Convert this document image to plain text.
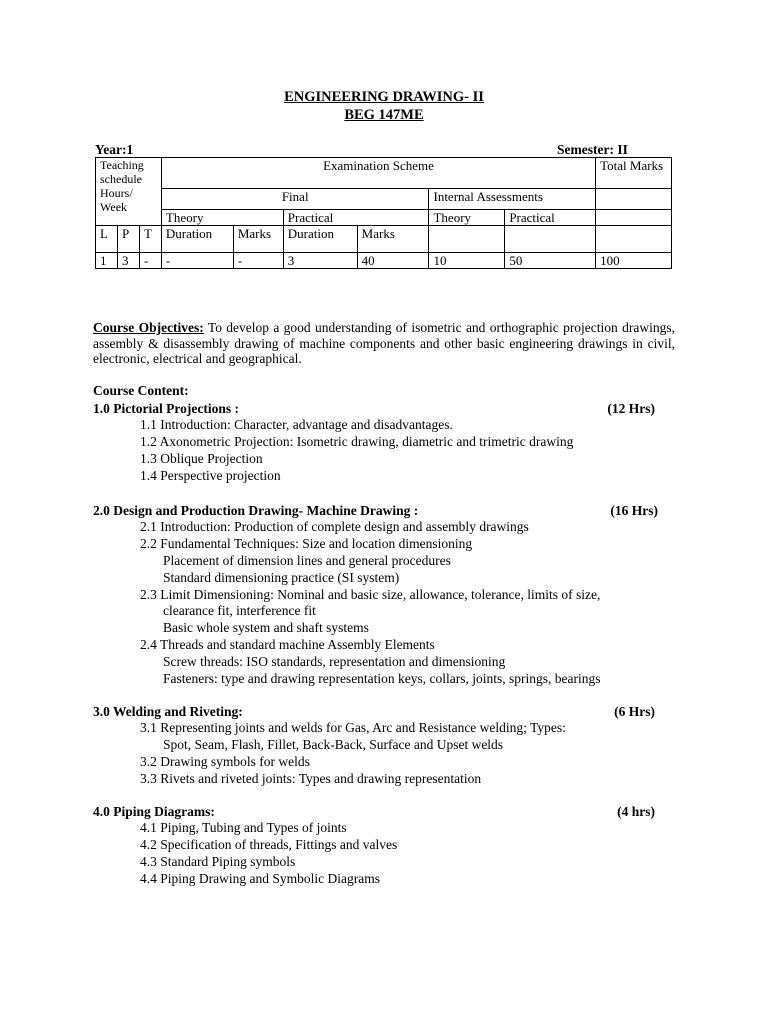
ENGINEERING DRAWING- II
BEG 147ME
Year:1	Semester: II
Teaching schedule Hours/ Week			Examination Scheme						Total Marks
			Final				Internal Assessments		
			Theory		Practical		Theory	Practical	
L	P	T	Duration	Marks	Duration	Marks			
1	3	-	-	-	3	40	10	50	100
Course Objectives: To develop a good understanding of isometric and orthographic projection drawings, assembly & disassembly drawing of machine components and other basic engineering drawings in civil, electronic, electrical and geographical.
Course Content:
1.0 Pictorial Projections :	(12 Hrs)
1.1 Introduction: Character, advantage and disadvantages.
1.2 Axonometric Projection: Isometric drawing, diametric and trimetric drawing
1.3 Oblique Projection
1.4 Perspective projection
2.0 Design and Production Drawing- Machine Drawing :	(16 Hrs)
2.1 Introduction: Production of complete design and assembly drawings
2.2 Fundamental Techniques: Size and location dimensioning
Placement of dimension lines and general procedures
Standard dimensioning practice (SI system)
2.3 Limit Dimensioning: Nominal and basic size, allowance, tolerance, limits of size,
clearance fit, interference fit
Basic whole system and shaft systems
2.4 Threads and standard machine Assembly Elements
Screw threads: ISO standards, representation and dimensioning
Fasteners: type and drawing representation keys, collars, joints, springs, bearings
3.0 Welding and Riveting:	(6 Hrs)
3.1 Representing joints and welds for Gas, Arc and Resistance welding; Types:
Spot, Seam, Flash, Fillet, Back-Back, Surface and Upset welds
3.2 Drawing symbols for welds
3.3 Rivets and riveted joints: Types and drawing representation
4.0 Piping Diagrams:	(4 hrs)
4.1 Piping, Tubing and Types of joints
4.2 Specification of threads, Fittings and valves
4.3 Standard Piping symbols
4.4 Piping Drawing and Symbolic Diagrams
